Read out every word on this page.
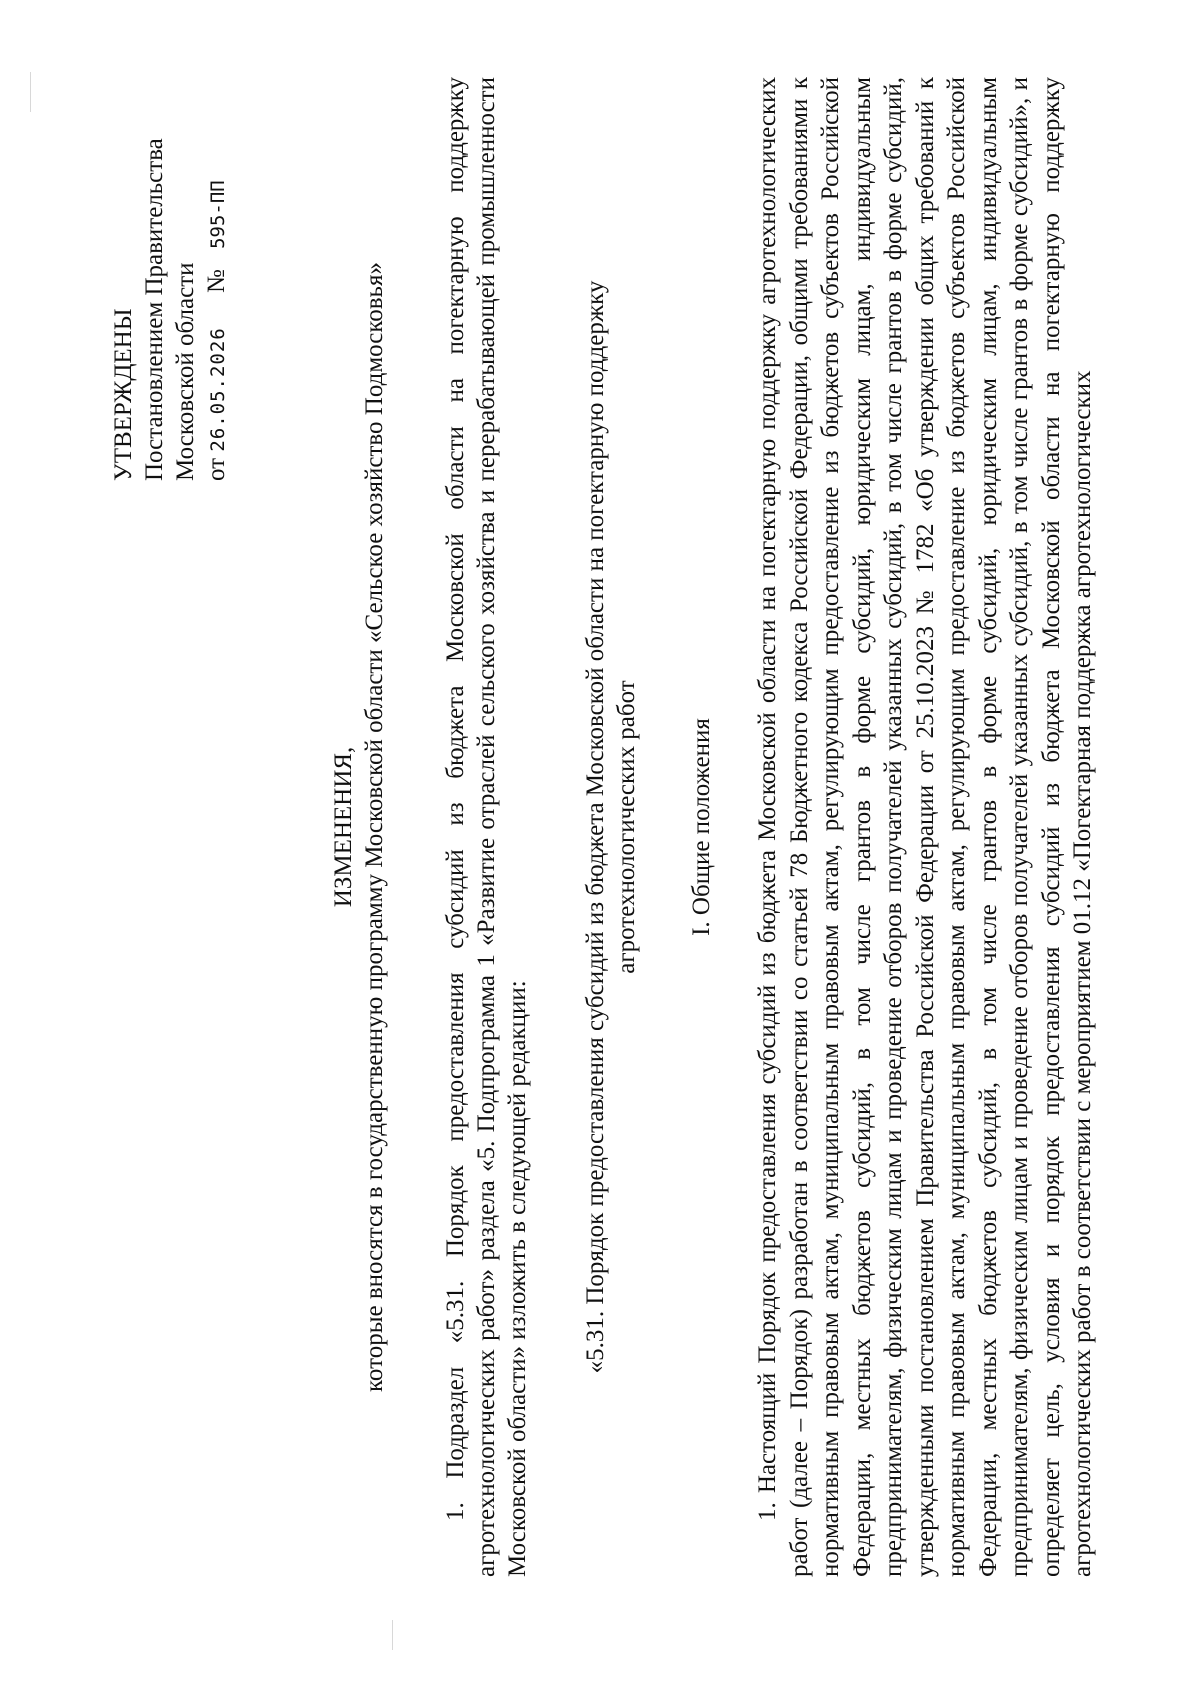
УТВЕРЖДЕНЫ Постановлением Правительства Московской области от 26.05.2026 № 595-ПП
ИЗМЕНЕНИЯ, которые вносятся в государственную программу Московской области «Сельское хозяйство Подмосковья» 1. Подраздел «5.31. Порядок предоставления субсидий из бюджета Московской области на погектарную поддержку агротехнологических работ» раздела «5. Подпрограмма 1 «Развитие отраслей сельского хозяйства и перерабатывающей промышленности Московской области» изложить в следующей редакции: «5.31. Порядок предоставления субсидий из бюджета Московской области на погектарную поддержку агротехнологических работ I. Общие положения 1. Настоящий Порядок предоставления субсидий из бюджета Московской области на погектарную поддержку агротехнологических работ (далее – Порядок) разработан в соответствии со статьей 78 Бюджетного кодекса Российской Федерации, общими требованиями к нормативным правовым актам, муниципальным правовым актам, регулирующим предоставление из бюджетов субъектов Российской Федерации, местных бюджетов субсидий, в том числе грантов в форме субсидий, юридическим лицам, индивидуальным предпринимателям, физическим лицам и проведение отборов получателей указанных субсидий, в том числе грантов в форме субсидий, утвержденными постановлением Правительства Российской Федерации от 25.10.2023 № 1782 «Об утверждении общих требований к нормативным правовым актам, муниципальным правовым актам, регулирующим предоставление из бюджетов субъектов Российской Федерации, местных бюджетов субсидий, в том числе грантов в форме субсидий, юридическим лицам, индивидуальным предпринимателям, физическим лицам и проведение отборов получателей указанных субсидий, в том числе грантов в форме субсидий», и определяет цель, условия и порядок предоставления субсидий из бюджета Московской области на погектарную поддержку агротехнологических работ в соответствии с мероприятием 01.12 «Погектарная поддержка агротехнологических
